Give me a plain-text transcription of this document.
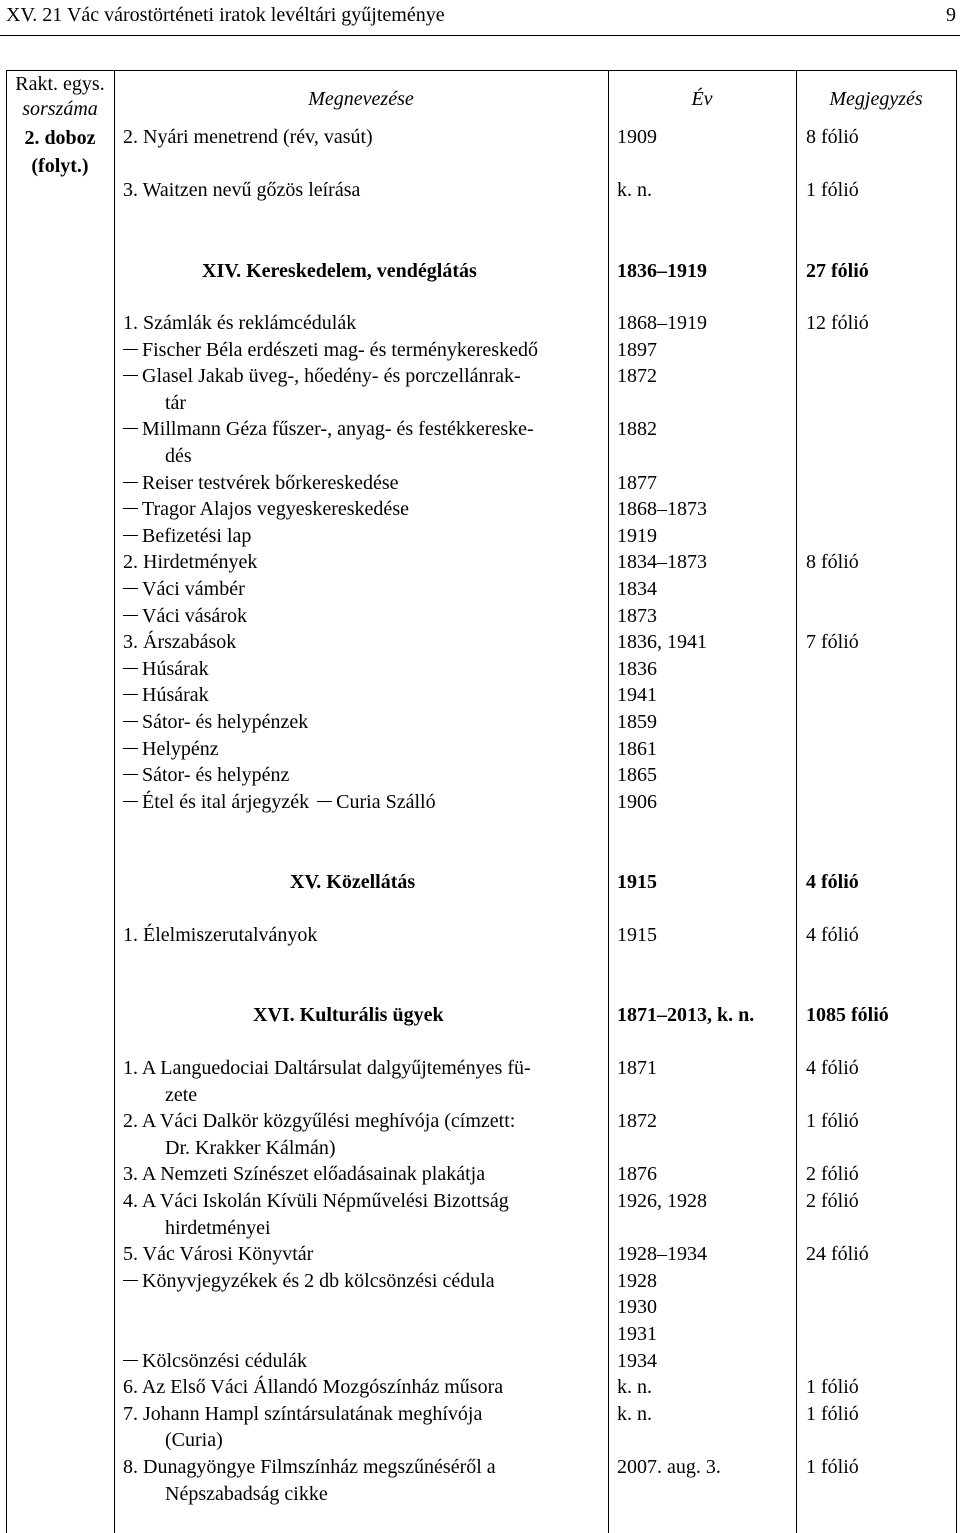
XV. 21 Vác várostörténeti iratok levéltári gyűjteménye	9
Rakt. egys.
sorszáma	Megnevezése	Év	Megjegyzés
2. doboz
(folyt.)
2. Nyári menetrend (rév, vasút)	1909	8 fólió
3. Waitzen nevű gőzös leírása	k. n.	1 fólió
XIV. Kereskedelem, vendéglátás	1836–1919	27 fólió
1. Számlák és reklámcédulák	1868–1919	12 fólió
Fischer Béla erdészeti mag- és terménykereskedő	1897
Glasel Jakab üveg-, hőedény- és porczellánrak-	1872
tár
Millmann Géza fűszer-, anyag- és festékkereske-	1882
dés
Reiser testvérek bőrkereskedése	1877
Tragor Alajos vegyeskereskedése	1868–1873
Befizetési lap	1919
2. Hirdetmények	1834–1873	8 fólió
Váci vámbér	1834
Váci vásárok	1873
3. Árszabások	1836, 1941	7 fólió
Húsárak	1836
Húsárak	1941
Sátor- és helypénzek	1859
Helypénz	1861
Sátor- és helypénz	1865
Étel és ital árjegyzék Curia Szálló	1906
XV. Közellátás	1915	4 fólió
1. Élelmiszerutalványok	1915	4 fólió
XVI. Kulturális ügyek	1871–2013, k. n.	1085 fólió
1. A Languedociai Daltársulat dalgyűjteményes fü-	1871	4 fólió
zete
2. A Váci Dalkör közgyűlési meghívója (címzett:	1872	1 fólió
Dr. Krakker Kálmán)
3. A Nemzeti Színészet előadásainak plakátja	1876	2 fólió
4. A Váci Iskolán Kívüli Népművelési Bizottság	1926, 1928	2 fólió
hirdetményei
5. Vác Városi Könyvtár	1928–1934	24 fólió
Könyvjegyzékek és 2 db kölcsönzési cédula	1928
1930
1931
Kölcsönzési cédulák	1934
6. Az Első Váci Állandó Mozgószínház műsora	k. n.	1 fólió
7. Johann Hampl színtársulatának meghívója	k. n.	1 fólió
(Curia)
8. Dunagyöngye Filmszínház megszűnéséről a	2007. aug. 3.	1 fólió
Népszabadság cikke
